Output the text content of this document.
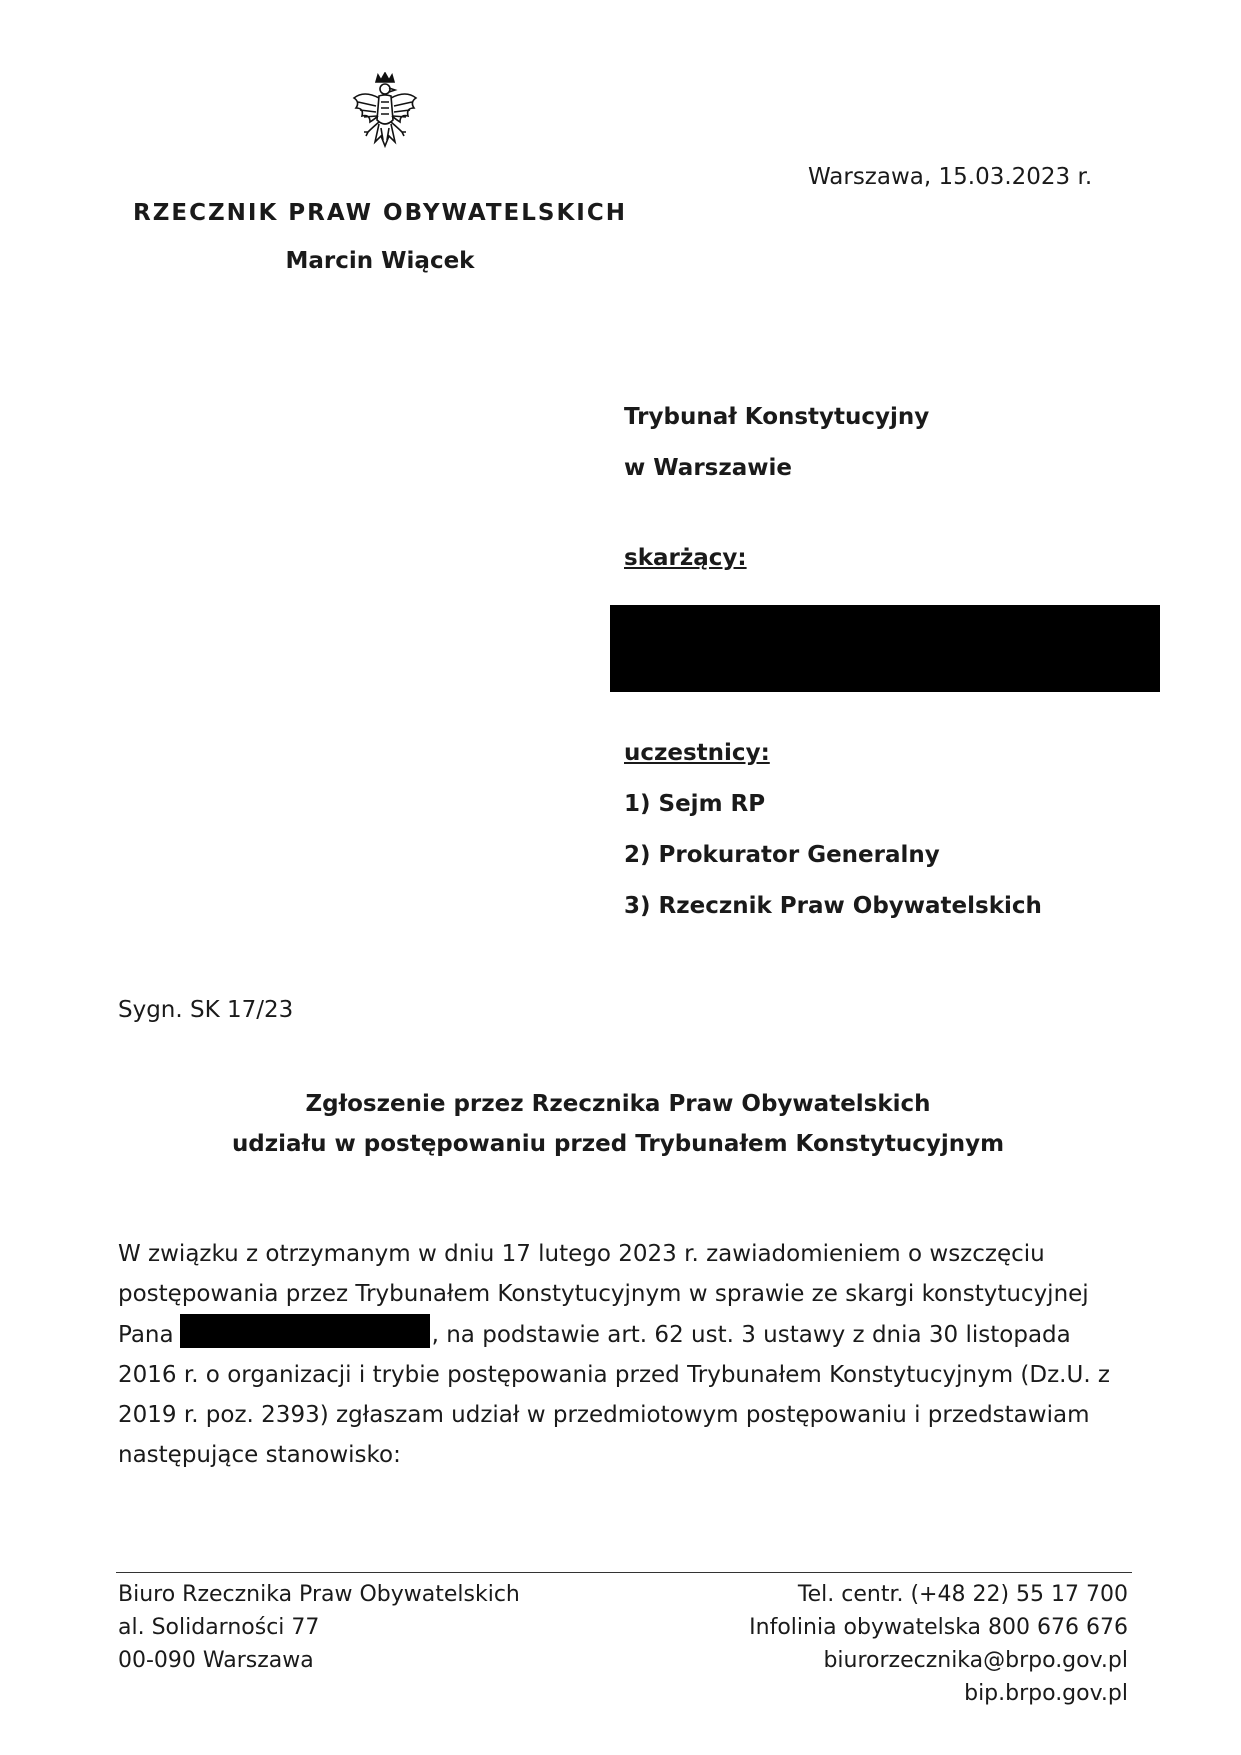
Warszawa, 15.03.2023 r.
RZECZNIK PRAW OBYWATELSKICH
Marcin Wiącek
Trybunał Konstytucyjny
w Warszawie
skarżący:
uczestnicy:
1) Sejm RP
2) Prokurator Generalny
3) Rzecznik Praw Obywatelskich
Sygn. SK 17/23
Zgłoszenie przez Rzecznika Praw Obywatelskich
udziału w postępowaniu przed Trybunałem Konstytucyjnym
W związku z otrzymanym w dniu 17 lutego 2023 r. zawiadomieniem o wszczęciu postępowania przez Trybunałem Konstytucyjnym w sprawie ze skargi konstytucyjnej Pana	, na podstawie art. 62 ust. 3 ustawy z dnia 30 listopada 2016 r. o organizacji i trybie postępowania przed Trybunałem Konstytucyjnym (Dz.U. z 2019 r. poz. 2393) zgłaszam udział w przedmiotowym postępowaniu i przedstawiam następujące stanowisko:
Biuro Rzecznika Praw Obywatelskich
al. Solidarności 77
00-090 Warszawa
Tel. centr. (+48 22) 55 17 700
Infolinia obywatelska 800 676 676
biurorzecznika@brpo.gov.pl
bip.brpo.gov.pl
